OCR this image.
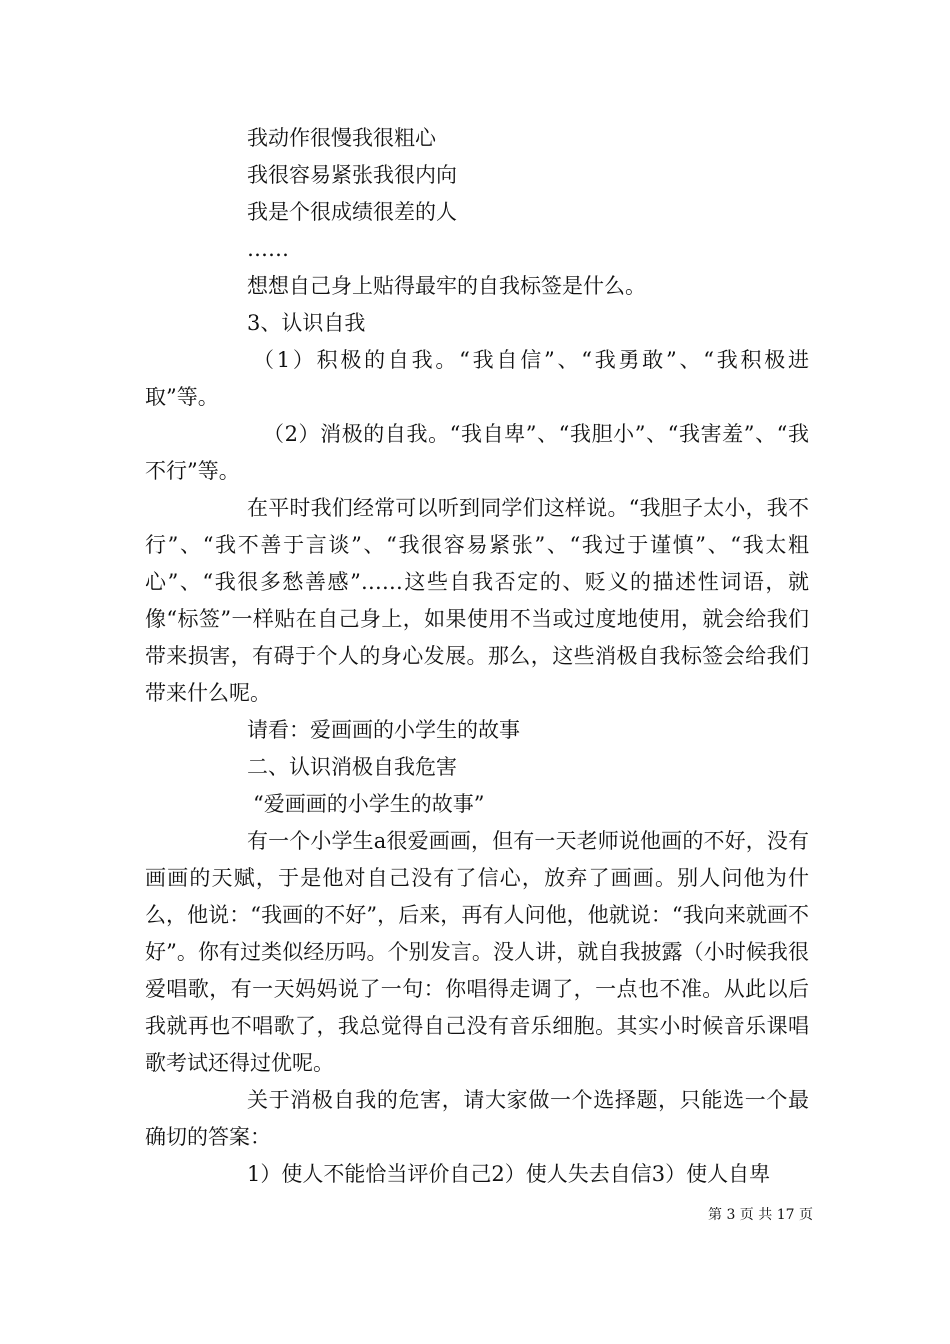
我动作很慢我很粗心

我很容易紧张我很内向

我是个很成绩很差的人

……

想想自己身上贴得最牢的自我标签是什么。

3、认识自我

（1）积极的自我。“我自信”、“我勇敢”、“我积极进取”等。

（2）消极的自我。“我自卑”、“我胆小”、“我害羞”、“我不行”等。

在平时我们经常可以听到同学们这样说。“我胆子太小，我不行”、“我不善于言谈”、“我很容易紧张”、“我过于谨慎”、“我太粗心”、“我很多愁善感”……这些自我否定的、贬义的描述性词语，就像“标签”一样贴在自己身上，如果使用不当或过度地使用，就会给我们带来损害，有碍于个人的身心发展。那么，这些消极自我标签会给我们带来什么呢。

请看：爱画画的小学生的故事

二、认识消极自我危害

“爱画画的小学生的故事”

有一个小学生a很爱画画，但有一天老师说他画的不好，没有画画的天赋，于是他对自己没有了信心，放弃了画画。别人问他为什么，他说：“我画的不好”，后来，再有人问他，他就说：“我向来就画不好”。你有过类似经历吗。个别发言。没人讲，就自我披露（小时候我很爱唱歌，有一天妈妈说了一句：你唱得走调了，一点也不准。从此以后我就再也不唱歌了，我总觉得自己没有音乐细胞。其实小时候音乐课唱歌考试还得过优呢。

关于消极自我的危害，请大家做一个选择题，只能选一个最确切的答案：

1）使人不能恰当评价自己2）使人失去自信3）使人自卑

第 3 页 共 17 页
